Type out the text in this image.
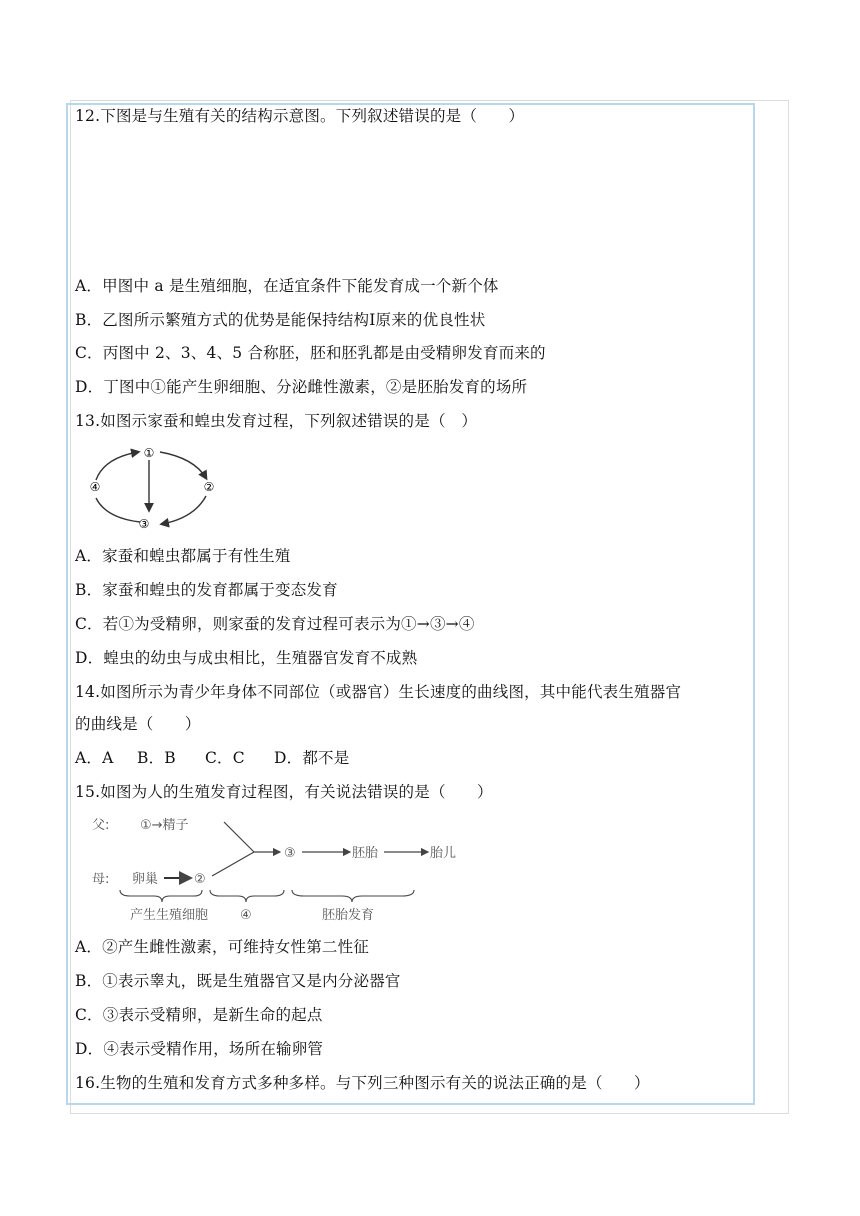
12.下图是与生殖有关的结构示意图。下列叙述错误的是（　　）
A．甲图中 a 是生殖细胞，在适宜条件下能发育成一个新个体
B．乙图所示繁殖方式的优势是能保持结构Ⅰ原来的优良性状
C．丙图中 2、3、4、5 合称胚，胚和胚乳都是由受精卵发育而来的
D．丁图中①能产生卵细胞、分泌雌性激素，②是胚胎发育的场所
13.如图示家蚕和蝗虫发育过程，下列叙述错误的是（　）
①
②
③
④
A．家蚕和蝗虫都属于有性生殖
B．家蚕和蝗虫的发育都属于变态发育
C．若①为受精卵，则家蚕的发育过程可表示为①→③→④
D．蝗虫的幼虫与成虫相比，生殖器官发育不成熟
14.如图所示为青少年身体不同部位（或器官）生长速度的曲线图，其中能代表生殖器官
的曲线是（　　）
A．A B．B C．C D．都不是
15.如图为人的生殖发育过程图，有关说法错误的是（　　）
父:
母:
①→精子
卵巢	②
③	胚胎	胎儿
产生生殖细胞 ④	胚胎发育
A．②产生雌性激素，可维持女性第二性征
B．①表示睾丸，既是生殖器官又是内分泌器官
C．③表示受精卵，是新生命的起点
D．④表示受精作用，场所在输卵管
16.生物的生殖和发育方式多种多样。与下列三种图示有关的说法正确的是（　　）
